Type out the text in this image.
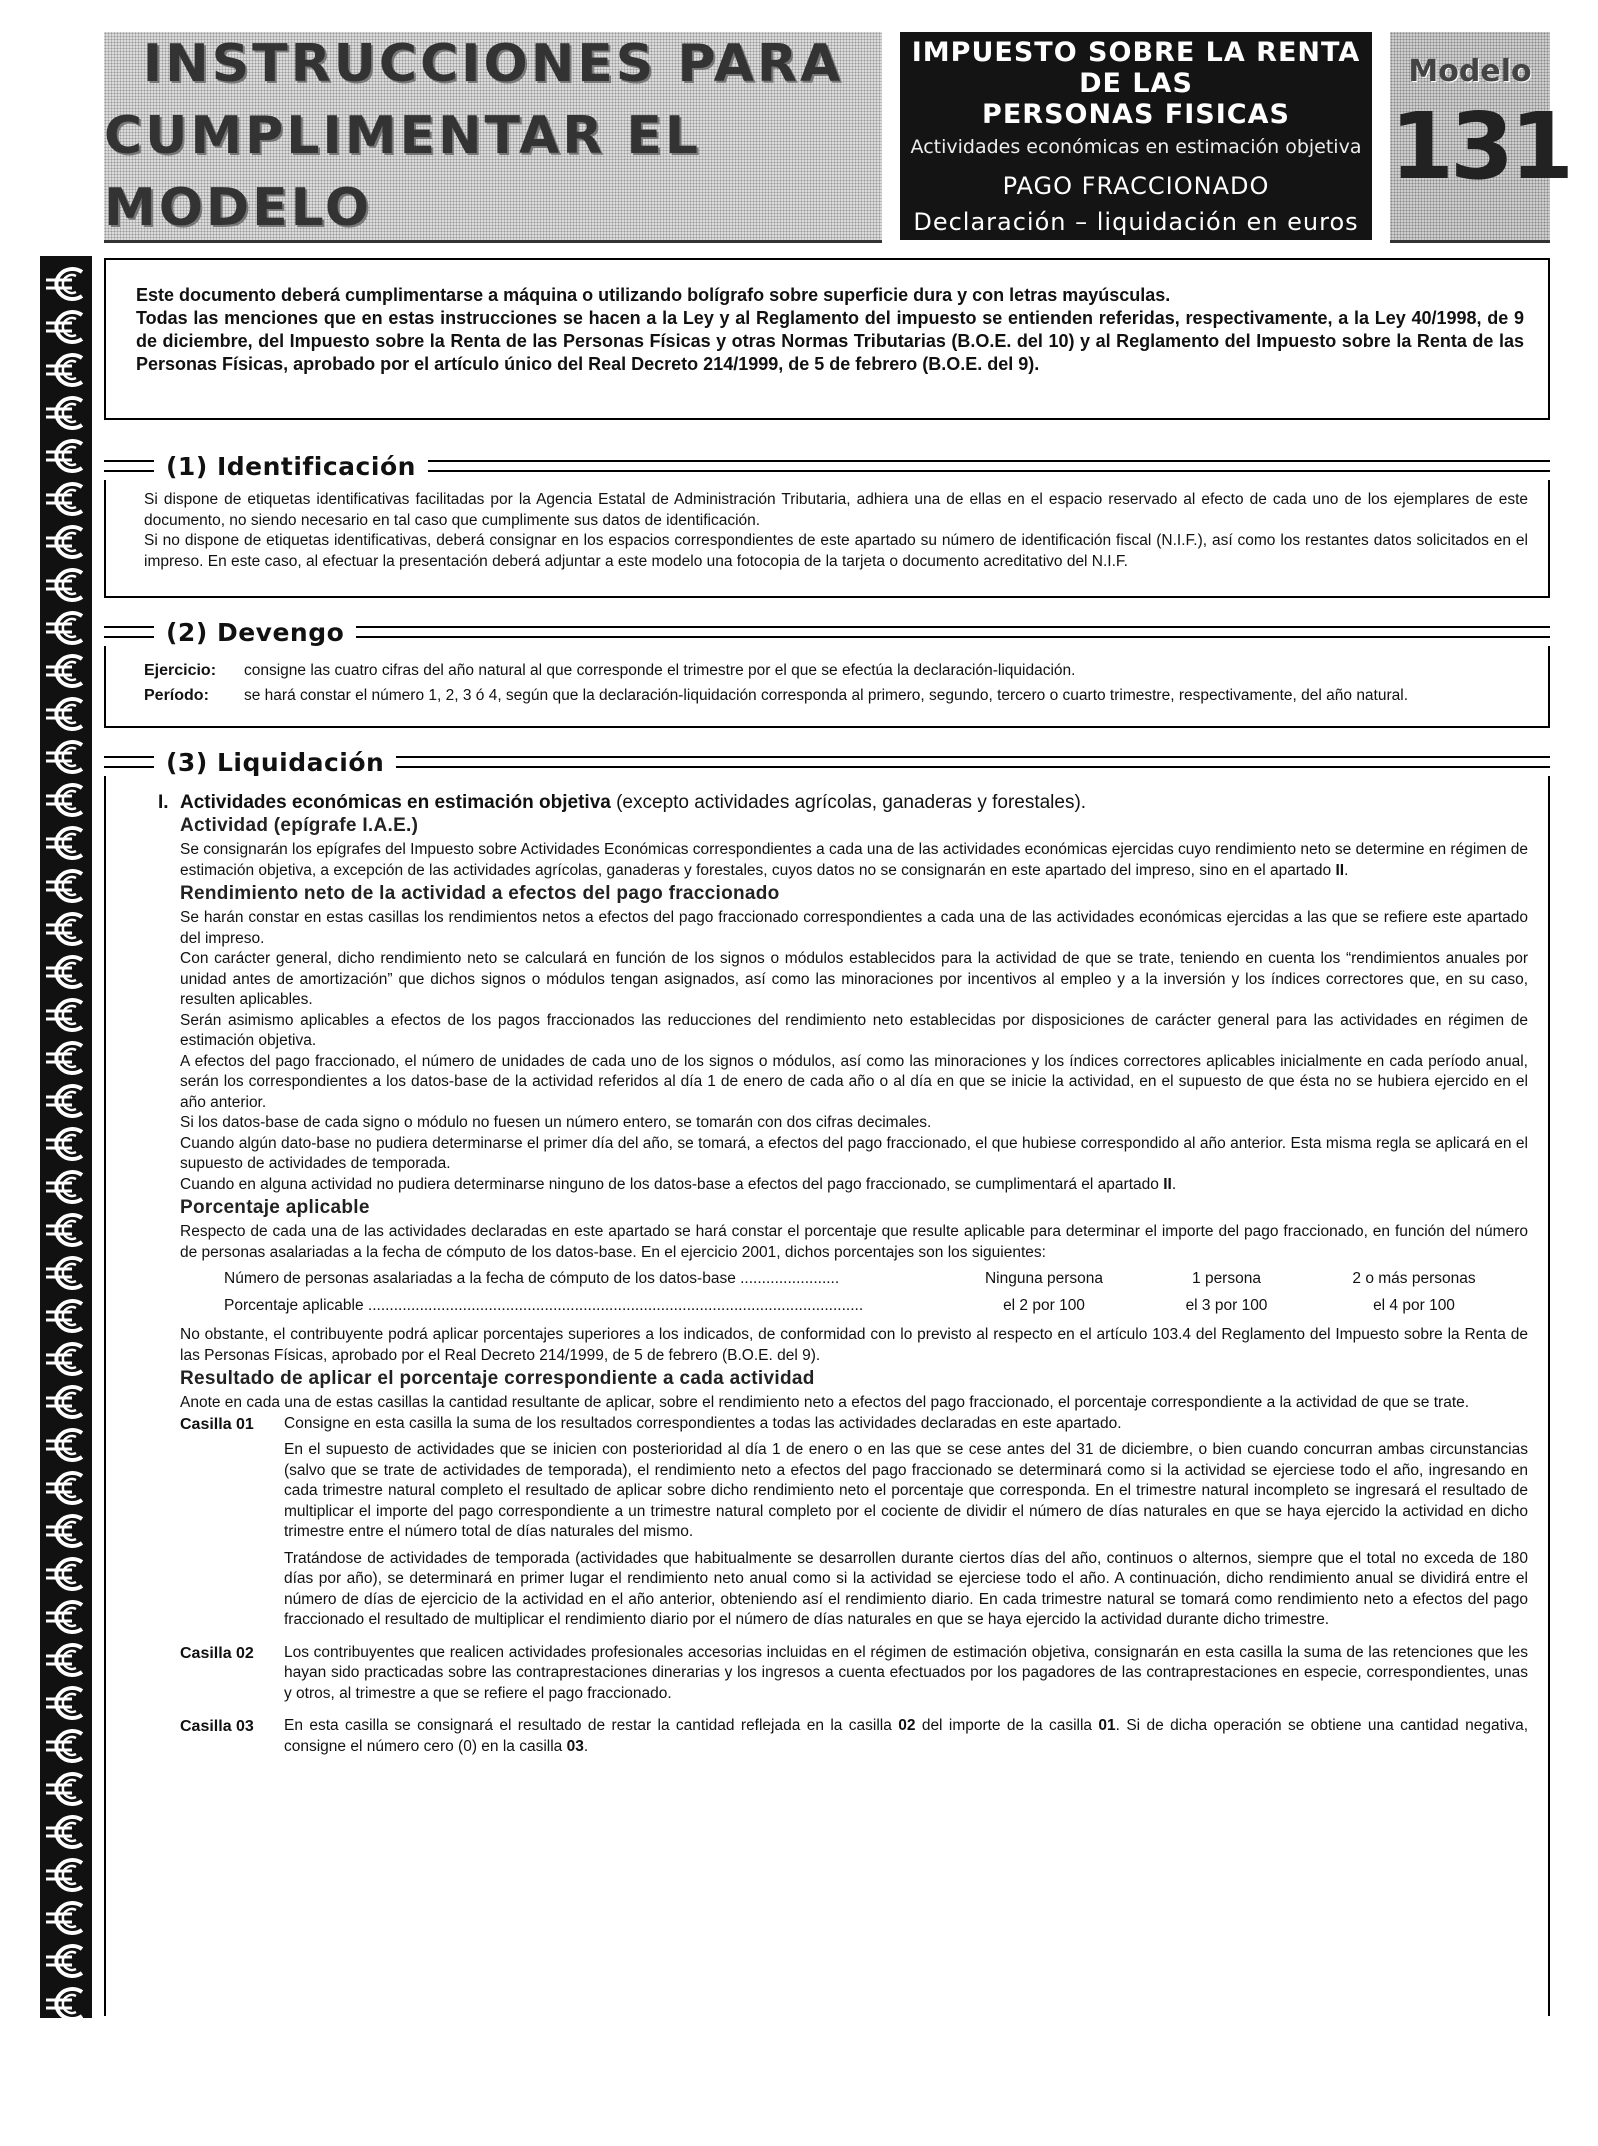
INSTRUCCIONES PARA
CUMPLIMENTAR EL MODELO
IMPUESTO SOBRE LA RENTA DE LAS
PERSONAS FISICAS
Actividades económicas en estimación objetiva
PAGO FRACCIONADO
Declaración – liquidación en euros
Modelo
131

Este documento deberá cumplimentarse a máquina o utilizando bolígrafo sobre superficie dura y con letras mayúsculas.

Todas las menciones que en estas instrucciones se hacen a la Ley y al Reglamento del impuesto se entienden referidas, respectivamente, a la Ley 40/1998, de 9 de diciembre, del Impuesto sobre la Renta de las Personas Físicas y otras Normas Tributarias (B.O.E. del 10) y al Reglamento del Impuesto sobre la Renta de las Personas Físicas, aprobado por el artículo único del Real Decreto 214/1999, de 5 de febrero (B.O.E. del 9).

(1) Identificación

Si dispone de etiquetas identificativas facilitadas por la Agencia Estatal de Administración Tributaria, adhiera una de ellas en el espacio reservado al efecto de cada uno de los ejemplares de este documento, no siendo necesario en tal caso que cumplimente sus datos de identificación.

Si no dispone de etiquetas identificativas, deberá consignar en los espacios correspondientes de este apartado su número de identificación fiscal (N.I.F.), así como los restantes datos solicitados en el impreso. En este caso, al efectuar la presentación deberá adjuntar a este modelo una fotocopia de la tarjeta o documento acreditativo del N.I.F.

(2) Devengo
Ejercicio:	consigne las cuatro cifras del año natural al que corresponde el trimestre por el que se efectúa la declaración-liquidación.
Período:	se hará constar el número 1, 2, 3 ó 4, según que la declaración-liquidación corresponda al primero, segundo, tercero o cuarto trimestre, respectivamente, del año natural.
(3) Liquidación
I. Actividades económicas en estimación objetiva (excepto actividades agrícolas, ganaderas y forestales).
Actividad (epígrafe I.A.E.)

Se consignarán los epígrafes del Impuesto sobre Actividades Económicas correspondientes a cada una de las actividades económicas ejercidas cuyo rendimiento neto se determine en régimen de estimación objetiva, a excepción de las actividades agrícolas, ganaderas y forestales, cuyos datos no se consignarán en este apartado del impreso, sino en el apartado II.

Rendimiento neto de la actividad a efectos del pago fraccionado

Se harán constar en estas casillas los rendimientos netos a efectos del pago fraccionado correspondientes a cada una de las actividades económicas ejercidas a las que se refiere este apartado del impreso.

Con carácter general, dicho rendimiento neto se calculará en función de los signos o módulos establecidos para la actividad de que se trate, teniendo en cuenta los “rendimientos anuales por unidad antes de amortización” que dichos signos o módulos tengan asignados, así como las minoraciones por incentivos al empleo y a la inversión y los índices correctores que, en su caso, resulten aplicables.

Serán asimismo aplicables a efectos de los pagos fraccionados las reducciones del rendimiento neto establecidas por disposiciones de carácter general para las actividades en régimen de estimación objetiva.

A efectos del pago fraccionado, el número de unidades de cada uno de los signos o módulos, así como las minoraciones y los índices correctores aplicables inicialmente en cada período anual, serán los correspondientes a los datos-base de la actividad referidos al día 1 de enero de cada año o al día en que se inicie la actividad, en el supuesto de que ésta no se hubiera ejercido en el año anterior.

Si los datos-base de cada signo o módulo no fuesen un número entero, se tomarán con dos cifras decimales.

Cuando algún dato-base no pudiera determinarse el primer día del año, se tomará, a efectos del pago fraccionado, el que hubiese correspondido al año anterior. Esta misma regla se aplicará en el supuesto de actividades de temporada.

Cuando en alguna actividad no pudiera determinarse ninguno de los datos-base a efectos del pago fraccionado, se cumplimentará el apartado II.

Porcentaje aplicable

Respecto de cada una de las actividades declaradas en este apartado se hará constar el porcentaje que resulte aplicable para determinar el importe del pago fraccionado, en función del número de personas asalariadas a la fecha de cómputo de los datos-base. En el ejercicio 2001, dichos porcentajes son los siguientes:

Número de personas asalariadas a la fecha de cómputo de los datos-base .......................	Ninguna persona	1 persona	2 o más personas
Porcentaje aplicable ...................................................................................................................	el 2 por 100	el 3 por 100	el 4 por 100

No obstante, el contribuyente podrá aplicar porcentajes superiores a los indicados, de conformidad con lo previsto al respecto en el artículo 103.4 del Reglamento del Impuesto sobre la Renta de las Personas Físicas, aprobado por el Real Decreto 214/1999, de 5 de febrero (B.O.E. del 9).

Resultado de aplicar el porcentaje correspondiente a cada actividad

Anote en cada una de estas casillas la cantidad resultante de aplicar, sobre el rendimiento neto a efectos del pago fraccionado, el porcentaje correspondiente a la actividad de que se trate.

Casilla 01	Consigne en esta casilla la suma de los resultados correspondientes a todas las actividades declaradas en este apartado.

En el supuesto de actividades que se inicien con posterioridad al día 1 de enero o en las que se cese antes del 31 de diciembre, o bien cuando concurran ambas circunstancias (salvo que se trate de actividades de temporada), el rendimiento neto a efectos del pago fraccionado se determinará como si la actividad se ejerciese todo el año, ingresando en cada trimestre natural completo el resultado de aplicar sobre dicho rendimiento neto el porcentaje que corresponda. En el trimestre natural incompleto se ingresará el resultado de multiplicar el importe del pago correspondiente a un trimestre natural completo por el cociente de dividir el número de días naturales en que se haya ejercido la actividad en dicho trimestre entre el número total de días naturales del mismo.

Tratándose de actividades de temporada (actividades que habitualmente se desarrollen durante ciertos días del año, continuos o alternos, siempre que el total no exceda de 180 días por año), se determinará en primer lugar el rendimiento neto anual como si la actividad se ejerciese todo el año. A continuación, dicho rendimiento anual se dividirá entre el número de días de ejercicio de la actividad en el año anterior, obteniendo así el rendimiento diario. En cada trimestre natural se tomará como rendimiento neto a efectos del pago fraccionado el resultado de multiplicar el rendimiento diario por el número de días naturales en que se haya ejercido la actividad durante dicho trimestre.

Casilla 02	Los contribuyentes que realicen actividades profesionales accesorias incluidas en el régimen de estimación objetiva, consignarán en esta casilla la suma de las retenciones que les hayan sido practicadas sobre las contraprestaciones dinerarias y los ingresos a cuenta efectuados por los pagadores de las contraprestaciones en especie, correspondientes, unas y otros, al trimestre a que se refiere el pago fraccionado.

Casilla 03	En esta casilla se consignará el resultado de restar la cantidad reflejada en la casilla 02 del importe de la casilla 01. Si de dicha operación se obtiene una cantidad negativa, consigne el número cero (0) en la casilla 03.
